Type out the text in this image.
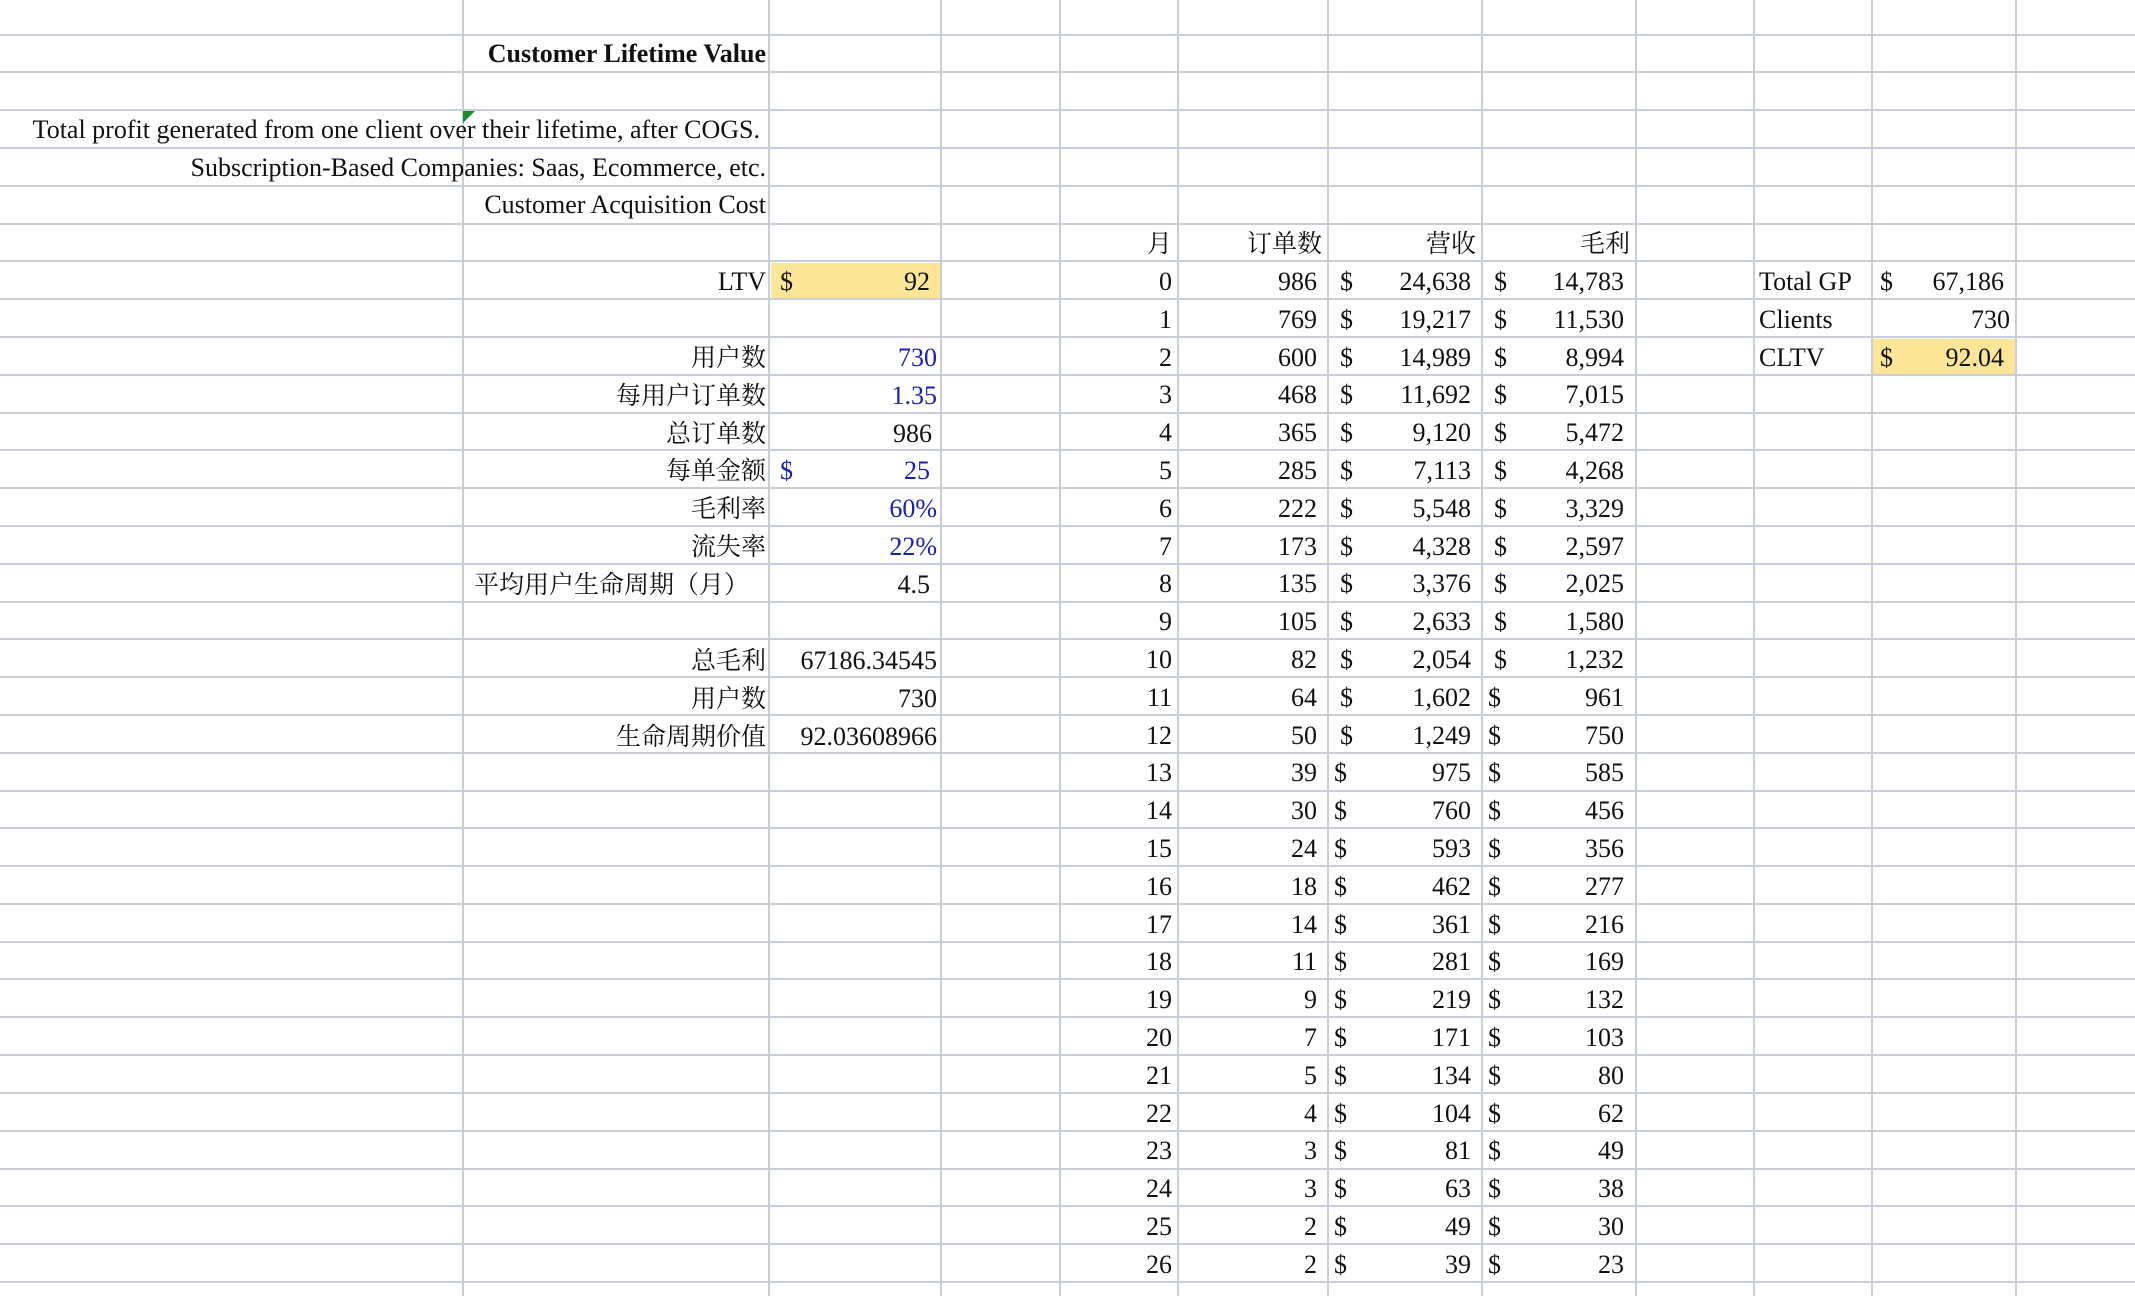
Customer Lifetime Value
Total profit generated from one client over their lifetime, after COGS.
Subscription-Based Companies: Saas, Ecommerce, etc.
Customer Acquisition Cost
LTV $	92
用户数	730
每用户订单数	1.35
总订单数	986
每单金额 $	25
毛利率	60%
流失率	22%
平均用户生命周期（月）	4.5
总毛利	67186.34545
用户数	730
生命周期价值	92.03608966
月	订单数	营收	毛利
0	986 $	24,638 $	14,783
1	769 $	19,217 $	11,530
2	600 $	14,989 $	8,994
3	468 $	11,692 $	7,015
4	365 $	9,120 $	5,472
5	285 $	7,113 $	4,268
6	222 $	5,548 $	3,329
7	173 $	4,328 $	2,597
8	135 $	3,376 $	2,025
9	105 $	2,633 $	1,580
10	82 $	2,054 $	1,232
11	64 $	1,602 $	961
12	50 $	1,249 $	750
13	39 $	975 $	585
14	30 $	760 $	456
15	24 $	593 $	356
16	18 $	462 $	277
17	14 $	361 $	216
18	11 $	281 $	169
19	9 $	219 $	132
20	7 $	171 $	103
21	5 $	134 $	80
22	4 $	104 $	62
23	3 $	81 $	49
24	3 $	63 $	38
25	2 $	49 $	30
26	2 $	39 $	23
Total GP $	67,186
Clients	730
CLTV $	92.04
